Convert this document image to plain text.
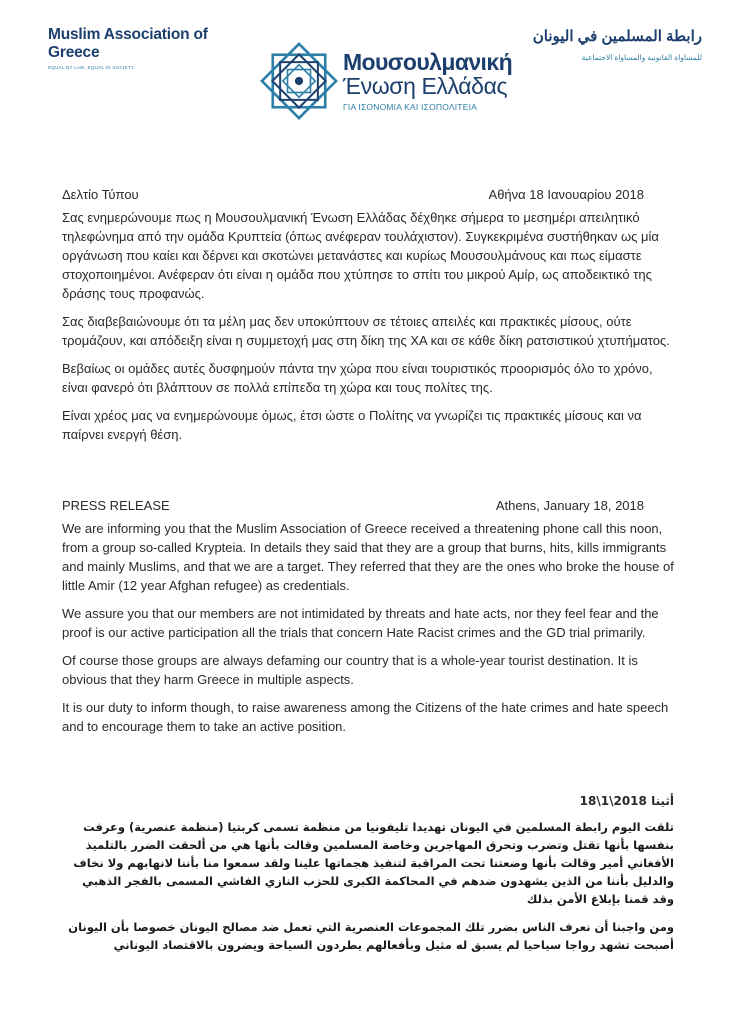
Muslim Association of Greece
EQUAL BY LAW, EQUAL IN SOCIETY.	Μουσουλμανική
Ένωση Ελλάδας
ΓΙΑ ΙΣΟΝΟΜΙΑ ΚΑΙ ΙΣΟΠΟΛΙΤΕΙΑ
رابطة المسلمين في اليونان
للمساواة القانونية والمساواة الاجتماعية
Δελτίο Τύπου	Αθήνα 18 Ιανουαρίου 2018

Σας ενημερώνουμε πως η Μουσουλμανική Ένωση Ελλάδας δέχθηκε σήμερα το μεσημέρι απειλητικό τηλεφώνημα από την ομάδα Κρυπτεία (όπως ανέφεραν τουλάχιστον). Συγκεκριμένα συστήθηκαν ως μία οργάνωση που καίει και δέρνει και σκοτώνει μετανάστες και κυρίως Μουσουλμάνους και πως είμαστε στοχοποιημένοι. Ανέφεραν ότι είναι η ομάδα που χτύπησε το σπίτι του μικρού Αμίρ, ως αποδεικτικό της δράσης τους προφανώς.

Σας διαβεβαιώνουμε ότι τα μέλη μας δεν υποκύπτουν σε τέτοιες απειλές και πρακτικές μίσους, ούτε τρομάζουν, και απόδειξη είναι η συμμετοχή μας στη δίκη της ΧΑ και σε κάθε δίκη ρατσιστικού χτυπήματος.

Βεβαίως οι ομάδες αυτές δυσφημούν πάντα την χώρα που είναι τουριστικός προορισμός όλο το χρόνο, είναι φανερό ότι βλάπτουν σε πολλά επίπεδα τη χώρα και τους πολίτες της.

Είναι χρέος μας να ενημερώνουμε όμως, έτσι ώστε ο Πολίτης να γνωρίζει τις πρακτικές μίσους και να παίρνει ενεργή θέση.

PRESS RELEASE	Athens, January 18, 2018

We are informing you that the Muslim Association of Greece received a threatening phone call this noon, from a group so-called Krypteia. In details they said that they are a group that burns, hits, kills immigrants and mainly Muslims, and that we are a target. They referred that they are the ones who broke the house of little Amir (12 year Afghan refugee) as credentials.

We assure you that our members are not intimidated by threats and hate acts, nor they feel fear and the proof is our active participation all the trials that concern Hate Racist crimes and the GD trial primarily.

Of course those groups are always defaming our country that is a whole-year tourist destination. It is obvious that they harm Greece in multiple aspects.

It is our duty to inform though, to raise awareness among the Citizens of the hate crimes and hate speech and to encourage them to take an active position.

أثينا 2018\1\18

تلقت اليوم رابطة المسلمين في اليونان تهديدا تليفونيا من منظمة تسمى كربتيا (منظمة عنصرية) وعرفت بنفسها بأنها تقتل وتضرب وتحرق المهاجرين وخاصة المسلمين وقالت بأنها هي من ألحقت الضرر بالتلميذ الأفغاني أمير وقالت بأنها وضعتنا تحت المراقبة لتنفيذ هجماتها علينا ولقد سمعوا منا بأننا لانهابهم ولا نخاف والدليل بأننا من الذين يشهدون ضدهم في المحاكمة الكبرى للحزب النازي الفاشي المسمى بالفجر الذهبي وقد قمنا بإبلاغ الأمن بذلك

ومن واجبنا أن نعرف الناس بضرر تلك المجموعات العنصرية التي تعمل ضد مصالح اليونان خصوصا بأن اليونان أصبحت تشهد رواجا سياحيا لم يسبق له مثيل وبأفعالهم يطردون السياحة ويضرون بالاقتصاد اليوناني
